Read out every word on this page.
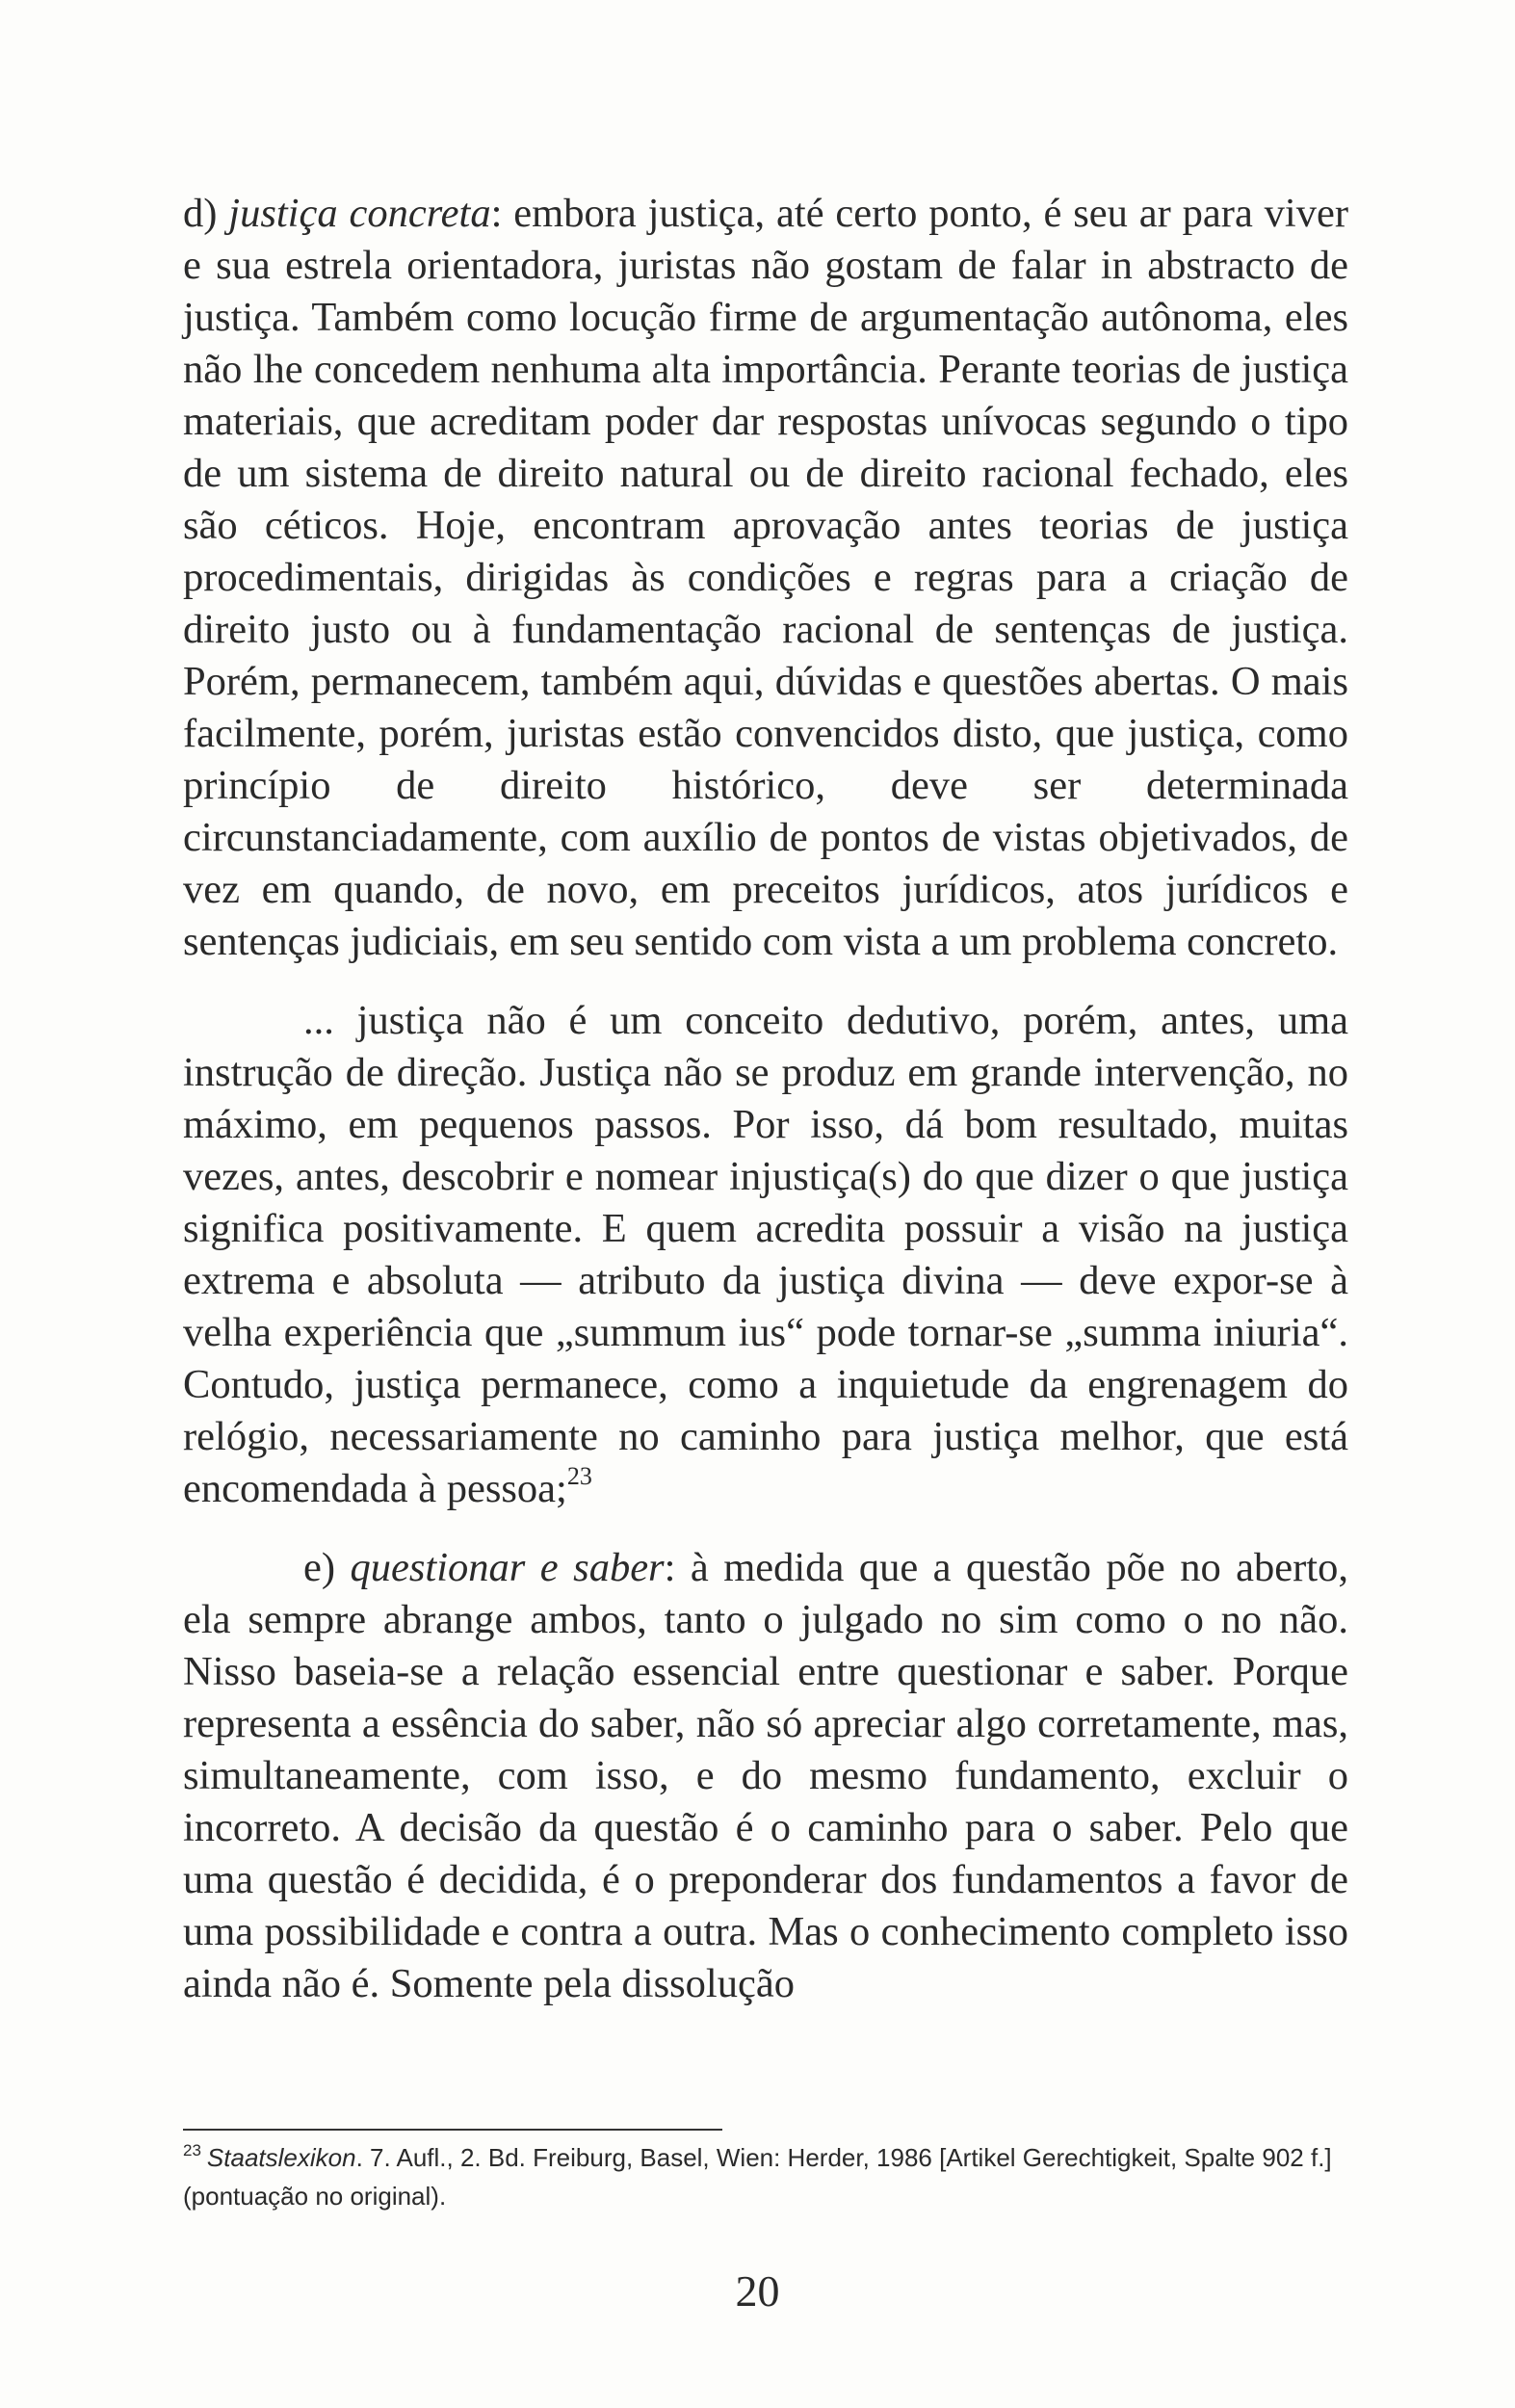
d) justiça concreta: embora justiça, até certo ponto, é seu ar para viver e sua estrela orientadora, juristas não gostam de falar in abstracto de justiça. Também como locução firme de argumentação autônoma, eles não lhe concedem nenhuma alta importância. Perante teorias de justiça materiais, que acreditam poder dar respostas unívocas segundo o tipo de um sistema de direito natural ou de direito racional fechado, eles são céticos. Hoje, encontram aprovação antes teorias de justiça procedimentais, dirigidas às condições e regras para a criação de direito justo ou à fundamentação racional de sentenças de justiça. Porém, permanecem, também aqui, dúvidas e questões abertas. O mais facilmente, porém, juristas estão convencidos disto, que justiça, como princípio de direito histórico, deve ser determinada circunstanciadamente, com auxílio de pontos de vistas objetivados, de vez em quando, de novo, em preceitos jurídicos, atos jurídicos e sentenças judiciais, em seu sentido com vista a um problema concreto.

... justiça não é um conceito dedutivo, porém, antes, uma instrução de direção. Justiça não se produz em grande intervenção, no máximo, em pequenos passos. Por isso, dá bom resultado, muitas vezes, antes, descobrir e nomear injustiça(s) do que dizer o que justiça significa positivamente. E quem acredita possuir a visão na justiça extrema e absoluta — atributo da justiça divina — deve expor-se à velha experiência que „summum ius“ pode tornar-se „summa iniuria“. Contudo, justiça permanece, como a inquietude da engrenagem do relógio, necessariamente no caminho para justiça melhor, que está encomendada à pessoa;$^{23}$

e) questionar e saber: à medida que a questão põe no aberto, ela sempre abrange ambos, tanto o julgado no sim como o no não. Nisso baseia-se a relação essencial entre questionar e saber. Porque representa a essência do saber, não só apreciar algo corretamente, mas, simultaneamente, com isso, e do mesmo fundamento, excluir o incorreto. A decisão da questão é o caminho para o saber. Pelo que uma questão é decidida, é o preponderar dos fundamentos a favor de uma possibilidade e contra a outra. Mas o conhecimento completo isso ainda não é. Somente pela dissolução

$^{23}$ Staatslexikon. 7. Aufl., 2. Bd. Freiburg, Basel, Wien: Herder, 1986 [Artikel Gerechtigkeit, Spalte 902 f.] (pontuação no original).
20
